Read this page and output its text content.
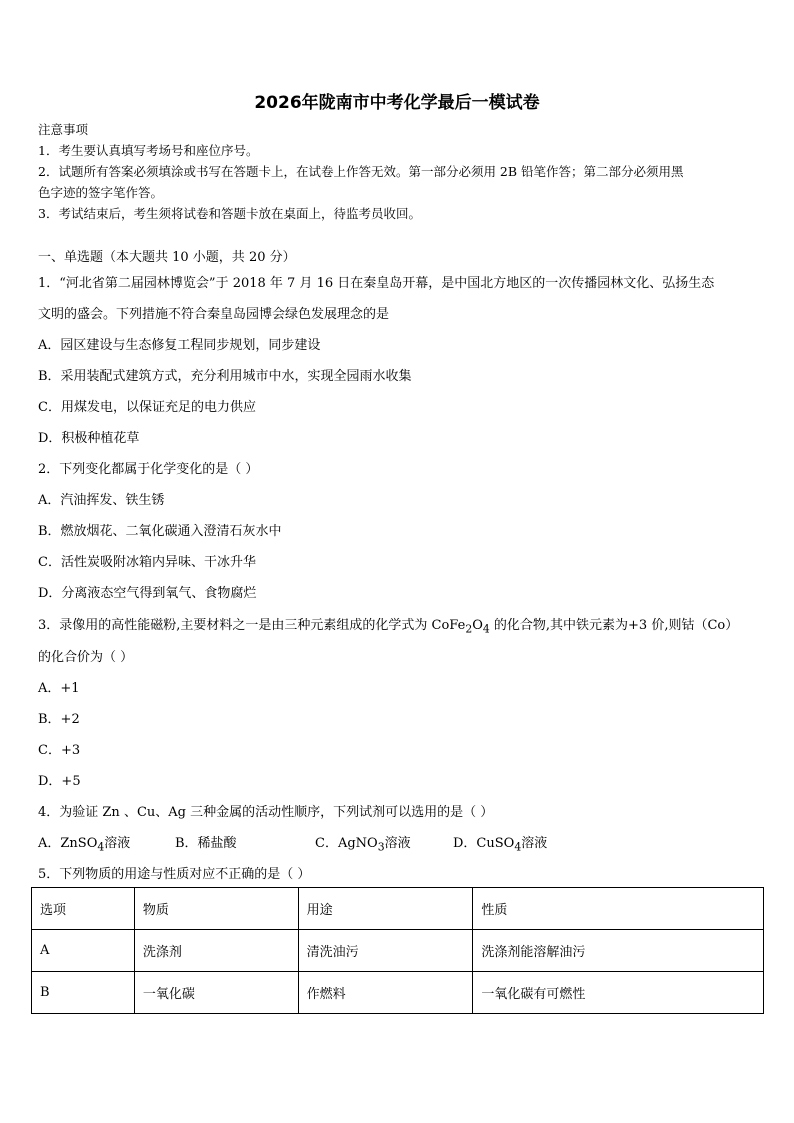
2026年陇南市中考化学最后一模试卷
注意事项
1．考生要认真填写考场号和座位序号。
2．试题所有答案必须填涂或书写在答题卡上，在试卷上作答无效。第一部分必须用 2B 铅笔作答；第二部分必须用黑
色字迹的签字笔作答。
3．考试结束后，考生须将试卷和答题卡放在桌面上，待监考员收回。
一、单选题（本大题共 10 小题，共 20 分）
1．“河北省第二届园林博览会”于 2018 年 7 月 16 日在秦皇岛开幕，是中国北方地区的一次传播园林文化、弘扬生态
文明的盛会。下列措施不符合秦皇岛园博会绿色发展理念的是
A．园区建设与生态修复工程同步规划，同步建设
B．采用装配式建筑方式，充分利用城市中水，实现全园雨水收集
C．用煤发电，以保证充足的电力供应
D．积极种植花草
2．下列变化都属于化学变化的是（ ）
A．汽油挥发、铁生锈
B．燃放烟花、二氧化碳通入澄清石灰水中
C．活性炭吸附冰箱内异味、干冰升华
D．分离液态空气得到氧气、食物腐烂
3．录像用的高性能磁粉,主要材料之一是由三种元素组成的化学式为 $CoFe_2O_4$ 的化合物,其中铁元素为+3 价,则钴（Co）
的化合价为（ ）
A．+1
B．+2
C．+3
D．+5
4．为验证 Zn 、Cu、Ag 三种金属的活动性顺序，下列试剂可以选用的是（ ）
A．ZnSO$_4$溶液	B．稀盐酸	C．AgNO$_3$溶液	D．CuSO$_4$溶液
5．下列物质的用途与性质对应不正确的是（ ）
选项	物质	用途	性质
A	洗涤剂	清洗油污	洗涤剂能溶解油污
B	一氧化碳	作燃料	一氧化碳有可燃性
